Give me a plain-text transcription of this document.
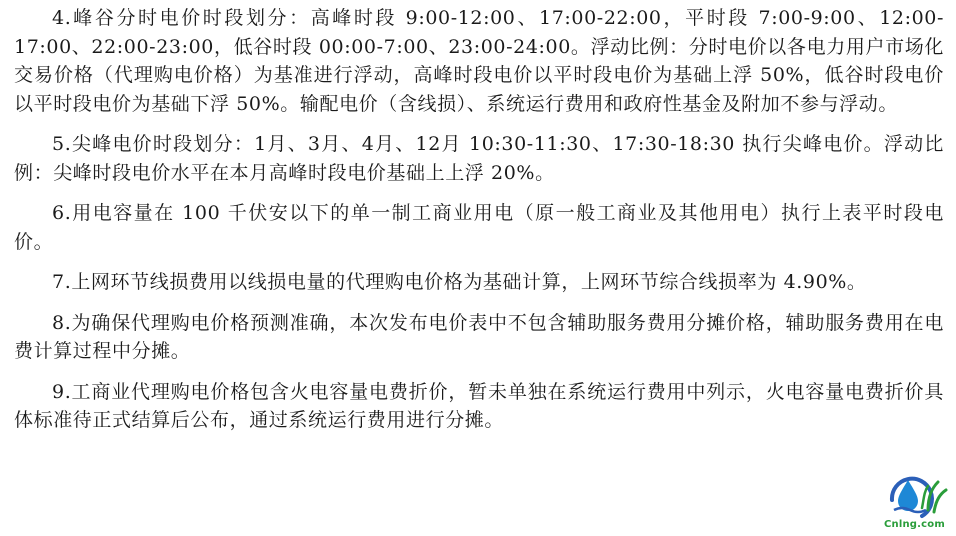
4.峰谷分时电价时段划分：高峰时段 9:00-12:00、17:00-22:00，平时段 7:00-9:00、12:00-17:00、22:00-23:00，低谷时段 00:00-7:00、23:00-24:00。浮动比例：分时电价以各电力用户市场化交易价格（代理购电价格）为基准进行浮动，高峰时段电价以平时段电价为基础上浮 50%，低谷时段电价以平时段电价为基础下浮 50%。输配电价（含线损）、系统运行费用和政府性基金及附加不参与浮动。

5.尖峰电价时段划分：1月、3月、4月、12月 10:30-11:30、17:30-18:30 执行尖峰电价。浮动比例：尖峰时段电价水平在本月高峰时段电价基础上上浮 20%。

6.用电容量在 100 千伏安以下的单一制工商业用电（原一般工商业及其他用电）执行上表平时段电价。

7.上网环节线损费用以线损电量的代理购电价格为基础计算，上网环节综合线损率为 4.90%。

8.为确保代理购电价格预测准确，本次发布电价表中不包含辅助服务费用分摊价格，辅助服务费用在电费计算过程中分摊。

9.工商业代理购电价格包含火电容量电费折价，暂未单独在系统运行费用中列示，火电容量电费折价具体标准待正式结算后公布，通过系统运行费用进行分摊。

Cnlng.com
